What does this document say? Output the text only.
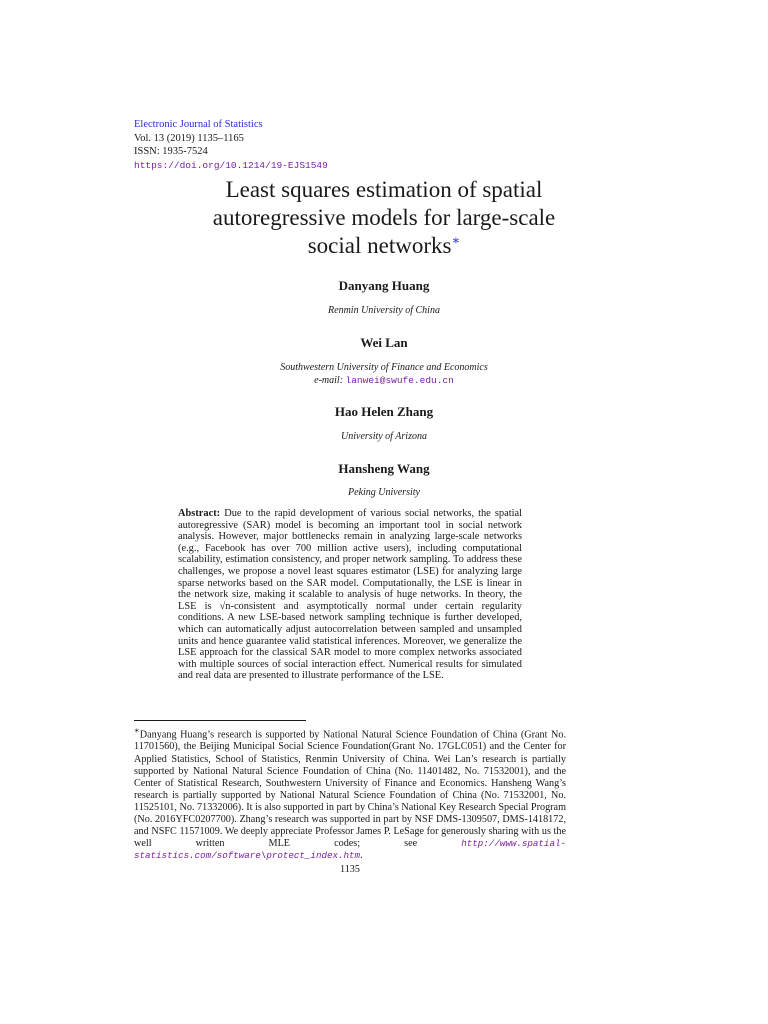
Electronic Journal of Statistics
Vol. 13 (2019) 1135–1165
ISSN: 1935-7524
https://doi.org/10.1214/19-EJS1549
Least squares estimation of spatial
autoregressive models for large-scale
social networks∗
Danyang Huang
Renmin University of China
Wei Lan
Southwestern University of Finance and Economics
e-mail: lanwei@swufe.edu.cn
Hao Helen Zhang
University of Arizona
Hansheng Wang
Peking University
Abstract: Due to the rapid development of various social networks, the spatial autoregressive (SAR) model is becoming an important tool in social network analysis. However, major bottlenecks remain in analyzing large-scale networks (e.g., Facebook has over 700 million active users), including computational scalability, estimation consistency, and proper network sampling. To address these challenges, we propose a novel least squares estimator (LSE) for analyzing large sparse networks based on the SAR model. Computationally, the LSE is linear in the network size, making it scalable to analysis of huge networks. In theory, the LSE is √n-consistent and asymptotically normal under certain regularity conditions. A new LSE-based network sampling technique is further developed, which can automatically adjust autocorrelation between sampled and unsampled units and hence guarantee valid statistical inferences. Moreover, we generalize the LSE approach for the classical SAR model to more complex networks associated with multiple sources of social interaction effect. Numerical results for simulated and real data are presented to illustrate performance of the LSE.
∗Danyang Huang’s research is supported by National Natural Science Foundation of China (Grant No. 11701560), the Beijing Municipal Social Science Foundation(Grant No. 17GLC051) and the Center for Applied Statistics, School of Statistics, Renmin University of China. Wei Lan’s research is partially supported by National Natural Science Foundation of China (No. 11401482, No. 71532001), and the Center of Statistical Research, Southwestern University of Finance and Economics. Hansheng Wang’s research is partially supported by National Natural Science Foundation of China (No. 71532001, No. 11525101, No. 71332006). It is also supported in part by China’s National Key Research Special Program (No. 2016YFC0207700). Zhang’s research was supported in part by NSF DMS-1309507, DMS-1418172, and NSFC 11571009. We deeply appreciate Professor James P. LeSage for generously sharing with us the well written MLE codes; see http://www.spatial-statistics.com/software\protect_index.htm.
1135
